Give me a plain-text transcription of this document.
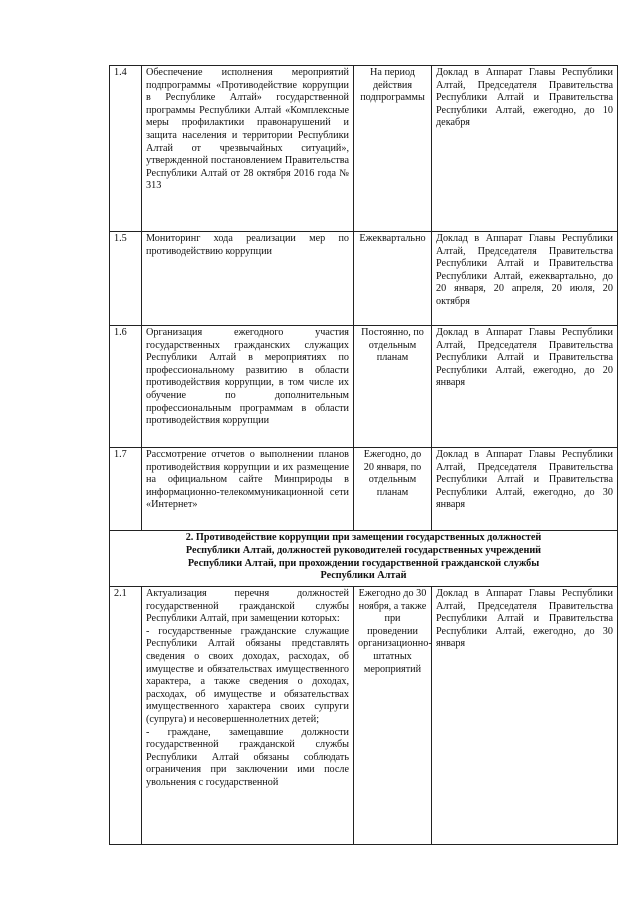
1.4	Обеспечение исполнения мероприятий подпрограммы «Противодействие коррупции в Республике Алтай» государственной программы Республики Алтай «Комплексные меры профилактики правонарушений и защита населения и территории Республики Алтай от чрезвычайных ситуаций», утвержденной постановлением Правительства Республики Алтай от 28 октября 2016 года № 313	На период действия подпрограммы	Доклад в Аппарат Главы Республики Алтай, Председателя Правительства Республики Алтай и Правительства Республики Алтай, ежегодно, до 10 декабря
1.5	Мониторинг хода реализации мер по противодействию коррупции	Ежеквартально	Доклад в Аппарат Главы Республики Алтай, Председателя Правительства Республики Алтай и Правительства Республики Алтай, ежеквартально, до 20 января, 20 апреля, 20 июля, 20 октября
1.6	Организация ежегодного участия государственных гражданских служащих Республики Алтай в мероприятиях по профессиональному развитию в области противодействия коррупции, в том числе их обучение по дополнительным профессиональным программам в области противодействия коррупции	Постоянно, по отдельным планам	Доклад в Аппарат Главы Республики Алтай, Председателя Правительства Республики Алтай и Правительства Республики Алтай, ежегодно, до 20 января
1.7	Рассмотрение отчетов о выполнении планов противодействия коррупции и их размещение на официальном сайте Минприроды в информационно-телекоммуникационной сети «Интернет»	Ежегодно, до 20 января, по отдельным планам	Доклад в Аппарат Главы Республики Алтай, Председателя Правительства Республики Алтай и Правительства Республики Алтай, ежегодно, до 30 января

2. Противодействие коррупции при замещении государственных должностей
Республики Алтай, должностей руководителей государственных учреждений
Республики Алтай, при прохождении государственной гражданской службы
Республики Алтай			

2.1	Актуализация перечня должностей государственной гражданской службы Республики Алтай, при замещении которых:
- государственные гражданские служащие Республики Алтай обязаны представлять сведения о своих доходах, расходах, об имуществе и обязательствах имущественного характера, а также сведения о доходах, расходах, об имуществе и обязательствах имущественного характера своих супруги (супруга) и несовершеннолетних детей;
- граждане, замещавшие должности государственной гражданской службы Республики Алтай обязаны соблюдать ограничения при заключении ими после увольнения с государственной	Ежегодно до 30 ноября, а также при проведении организационно-штатных мероприятий	Доклад в Аппарат Главы Республики Алтай, Председателя Правительства Республики Алтай и Правительства Республики Алтай, ежегодно, до 30 января
